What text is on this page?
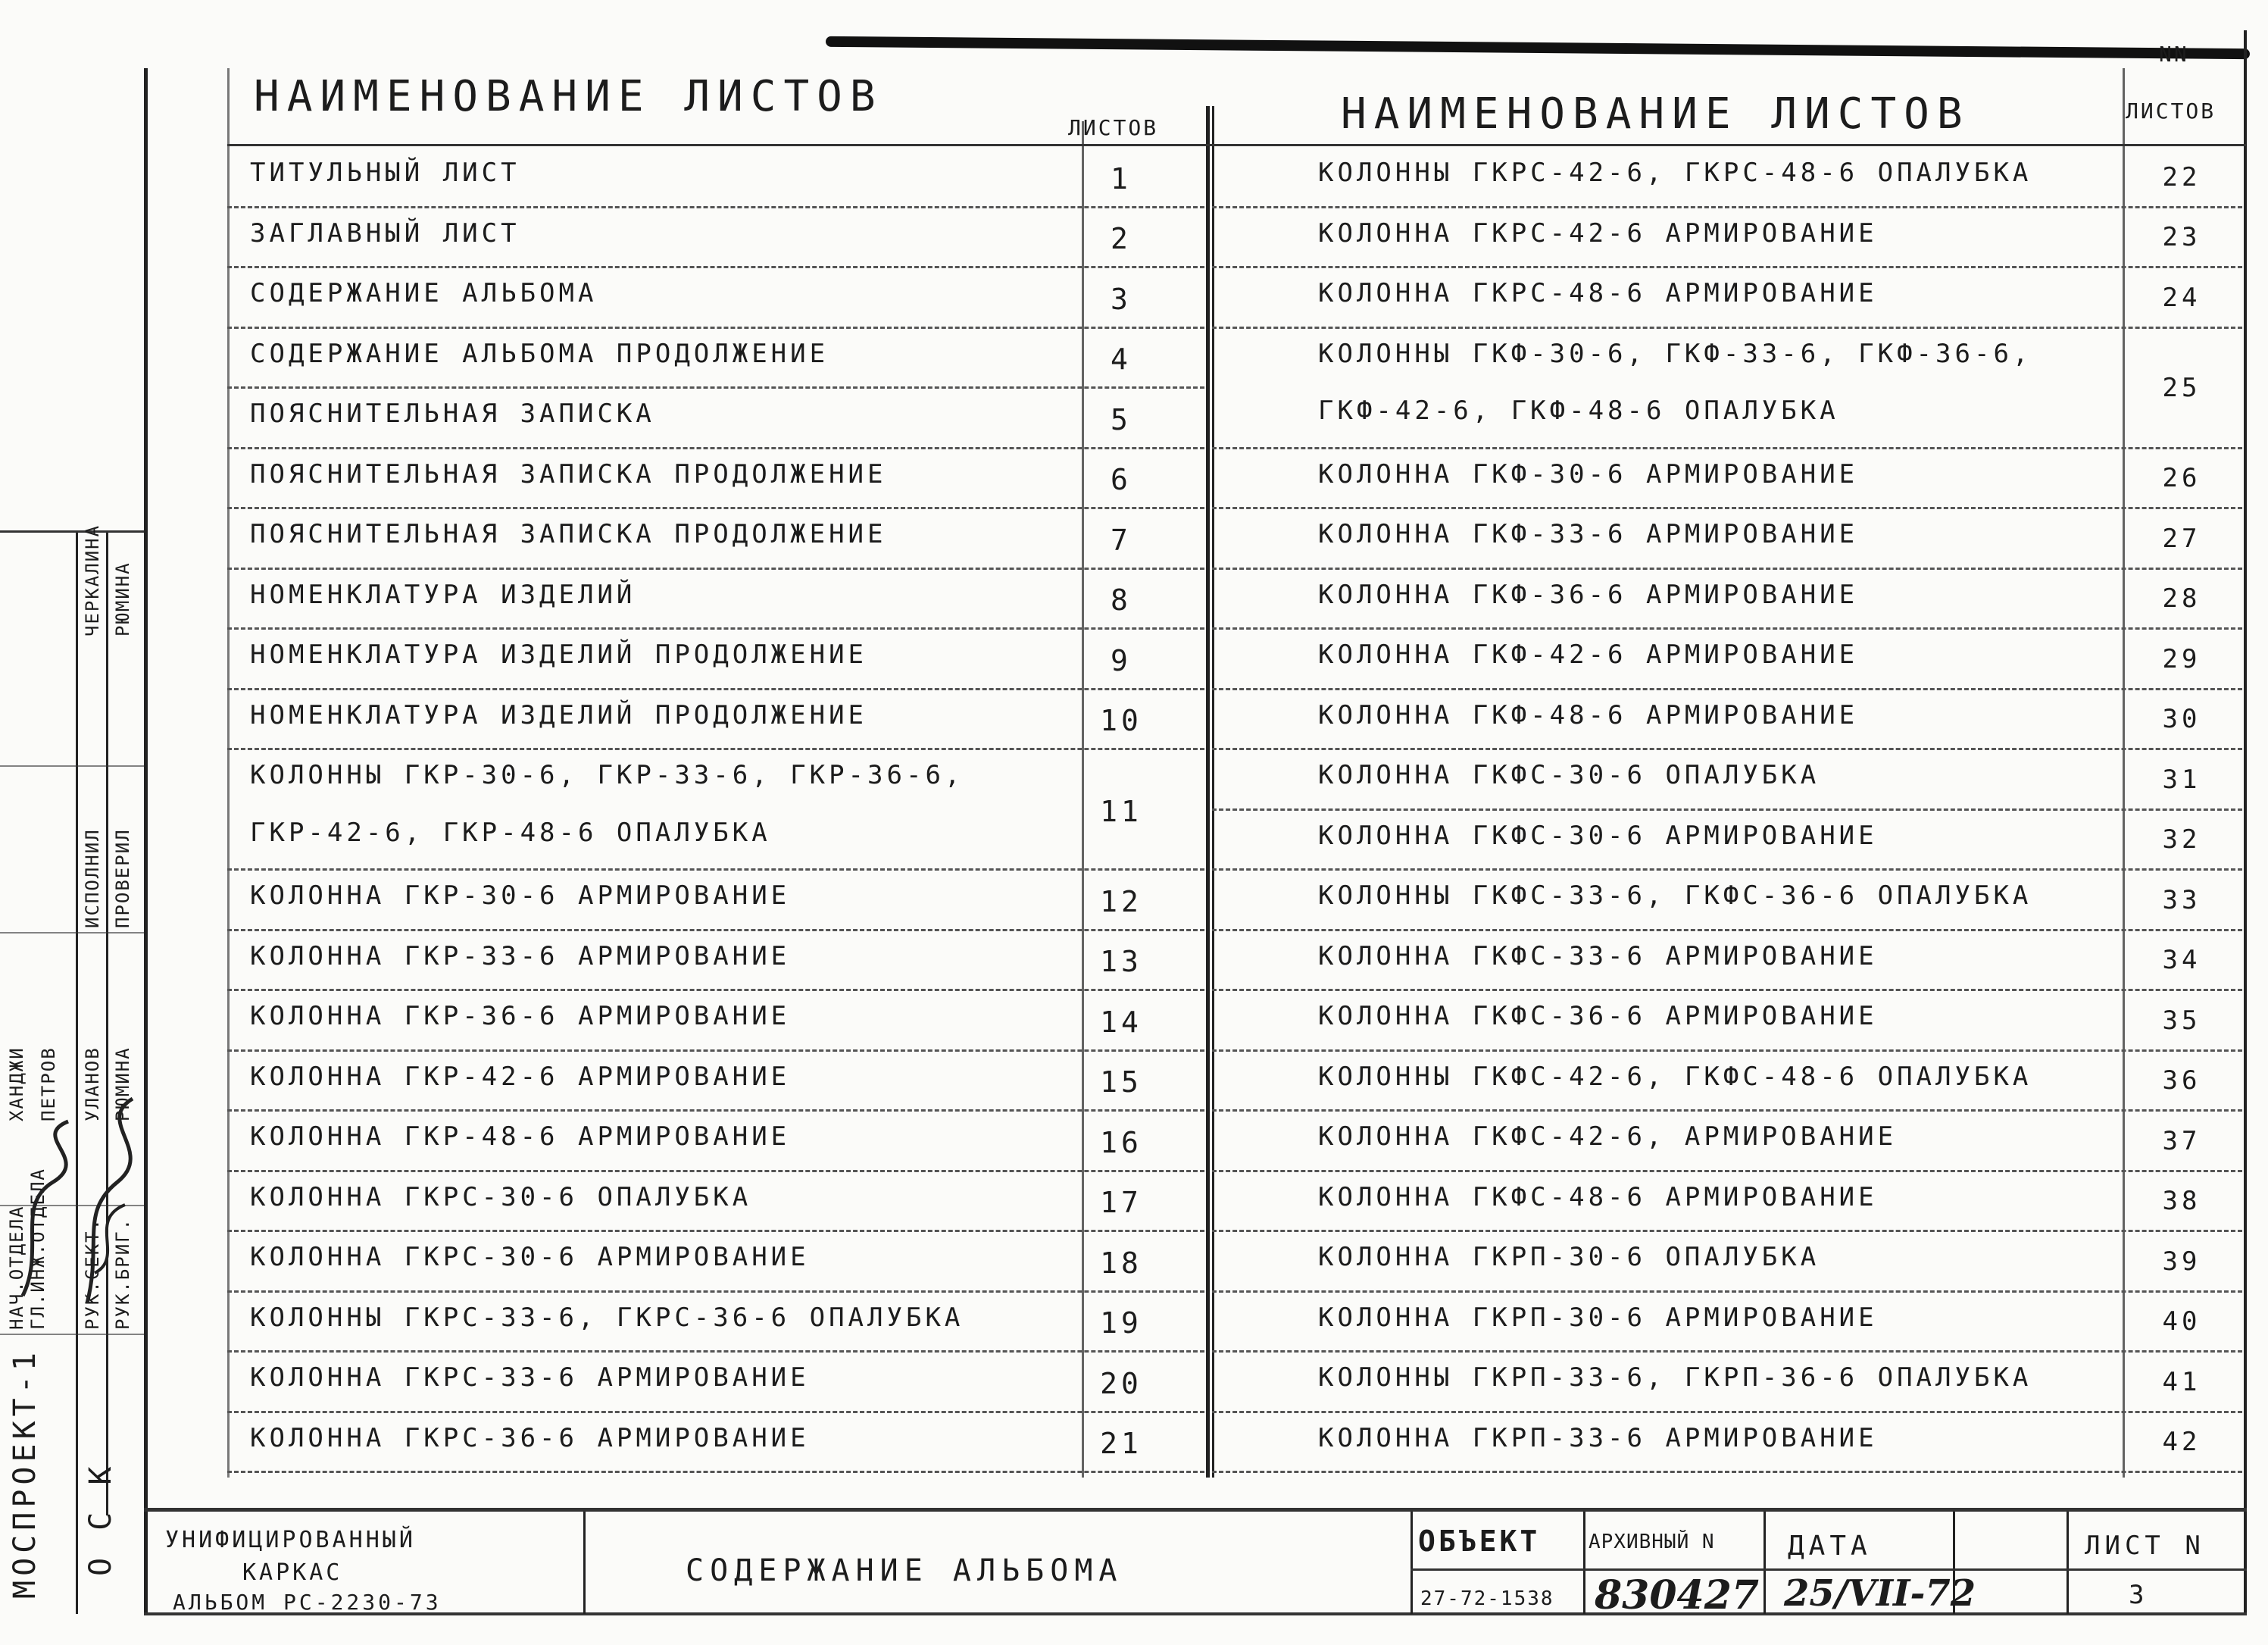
НАИМЕНОВАНИЕ ЛИСТОВ
ЛИСТОВ	НАИМЕНОВАНИЕ ЛИСТОВ
NN
ЛИСТОВ
ТИТУЛЬНЫЙ ЛИСТ	1
ЗАГЛАВНЫЙ ЛИСТ	2
СОДЕРЖАНИЕ АЛЬБОМА	3
СОДЕРЖАНИЕ АЛЬБОМА ПРОДОЛЖЕНИЕ	4
ПОЯСНИТЕЛЬНАЯ ЗАПИСКА	5
ПОЯСНИТЕЛЬНАЯ ЗАПИСКА ПРОДОЛЖЕНИЕ	6
ПОЯСНИТЕЛЬНАЯ ЗАПИСКА ПРОДОЛЖЕНИЕ	7
НОМЕНКЛАТУРА ИЗДЕЛИЙ	8
НОМЕНКЛАТУРА ИЗДЕЛИЙ ПРОДОЛЖЕНИЕ	9
НОМЕНКЛАТУРА ИЗДЕЛИЙ ПРОДОЛЖЕНИЕ	10
КОЛОННЫ ГКР-30-6, ГКР-33-6, ГКР-36-6,
ГКР-42-6, ГКР-48-6 ОПАЛУБКА
11
КОЛОННА ГКР-30-6 АРМИРОВАНИЕ	12
КОЛОННА ГКР-33-6 АРМИРОВАНИЕ	13
КОЛОННА ГКР-36-6 АРМИРОВАНИЕ	14
КОЛОННА ГКР-42-6 АРМИРОВАНИЕ	15
КОЛОННА ГКР-48-6 АРМИРОВАНИЕ	16
КОЛОННА ГКРС-30-6 ОПАЛУБКА	17
КОЛОННА ГКРС-30-6 АРМИРОВАНИЕ	18
КОЛОННЫ ГКРС-33-6, ГКРС-36-6 ОПАЛУБКА	19
КОЛОННА ГКРС-33-6 АРМИРОВАНИЕ	20
КОЛОННА ГКРС-36-6 АРМИРОВАНИЕ	21
КОЛОННЫ ГКРС-42-6, ГКРС-48-6 ОПАЛУБКА	22
КОЛОННА ГКРС-42-6 АРМИРОВАНИЕ	23
КОЛОННА ГКРС-48-6 АРМИРОВАНИЕ	24
КОЛОННЫ ГКФ-30-6, ГКФ-33-6, ГКФ-36-6,
ГКФ-42-6, ГКФ-48-6 ОПАЛУБКА
25
КОЛОННА ГКФ-30-6 АРМИРОВАНИЕ	26
КОЛОННА ГКФ-33-6 АРМИРОВАНИЕ	27
КОЛОННА ГКФ-36-6 АРМИРОВАНИЕ	28
КОЛОННА ГКФ-42-6 АРМИРОВАНИЕ	29
КОЛОННА ГКФ-48-6 АРМИРОВАНИЕ	30
КОЛОННА ГКФС-30-6 ОПАЛУБКА	31
КОЛОННА ГКФС-30-6 АРМИРОВАНИЕ	32
КОЛОННЫ ГКФС-33-6, ГКФС-36-6 ОПАЛУБКА	33
КОЛОННА ГКФС-33-6 АРМИРОВАНИЕ	34
КОЛОННА ГКФС-36-6 АРМИРОВАНИЕ	35
КОЛОННЫ ГКФС-42-6, ГКФС-48-6 ОПАЛУБКА	36
КОЛОННА ГКФС-42-6, АРМИРОВАНИЕ	37
КОЛОННА ГКФС-48-6 АРМИРОВАНИЕ	38
КОЛОННА ГКРП-30-6 ОПАЛУБКА	39
КОЛОННА ГКРП-30-6 АРМИРОВАНИЕ	40
КОЛОННЫ ГКРП-33-6, ГКРП-36-6 ОПАЛУБКА	41
КОЛОННА ГКРП-33-6 АРМИРОВАНИЕ	42
МОСПРОЕКТ-1 О С К
НАЧ.ОТДЕЛА ГЛ.ИНЖ.ОТДЕЛА РУК.СЕКТ. РУК.БРИГ.
ИСПОЛНИЛ ПРОВЕРИЛ
ХАНДЖИ ПЕТРОВ УЛАНОВ РЮМИНА
ЧЕРКАЛИНА РЮМИНА
УНИФИЦИРОВАННЫЙ
КАРКАС
АЛЬБОМ РС-2230-73
СОДЕРЖАНИЕ АЛЬБОМА
ОБЪЕКТ
27-72-1538
АРХИВНЫЙ N
830427
ДАТА
25/VII-72
ЛИСТ N
3
